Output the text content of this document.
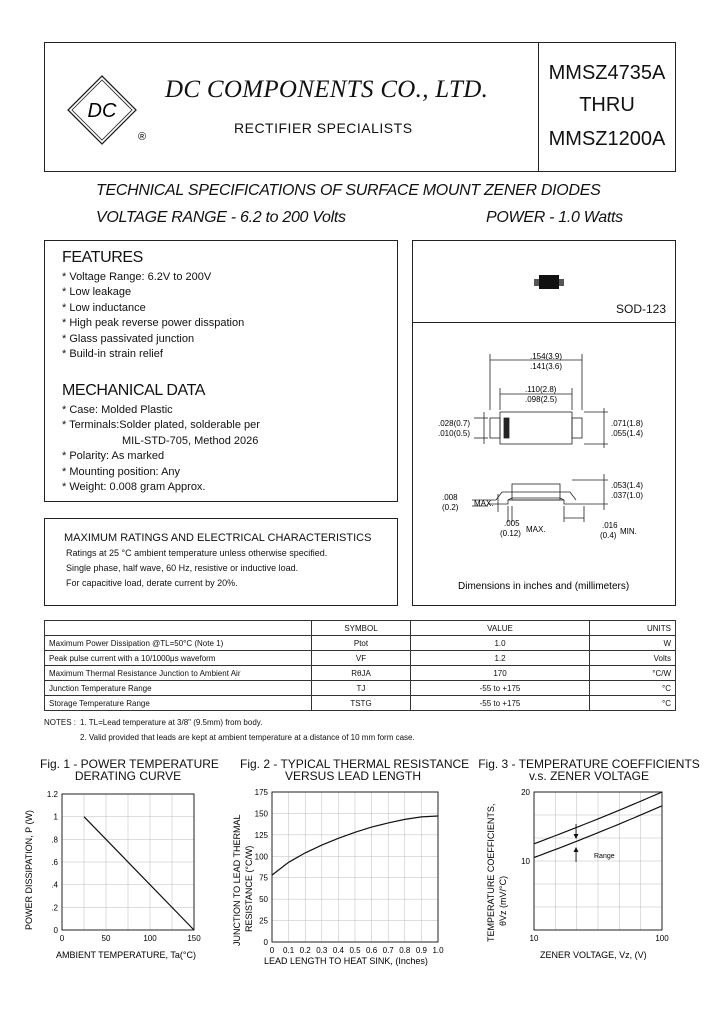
DC
®
DC COMPONENTS CO., LTD.
RECTIFIER SPECIALISTS
MMSZ4735A
THRU
MMSZ1200A
TECHNICAL SPECIFICATIONS OF SURFACE MOUNT ZENER DIODES
VOLTAGE RANGE - 6.2 to 200 Volts	POWER - 1.0 Watts
FEATURES
* Voltage Range: 6.2V to 200V
* Low leakage
* Low inductance
* High peak reverse power disspation
* Glass passivated junction
* Build-in strain relief
MECHANICAL DATA
* Case: Molded Plastic
* Terminals:Solder plated, solderable per
MIL-STD-705, Method 2026
* Polarity: As marked
* Mounting position: Any
* Weight: 0.008 gram Approx.
MAXIMUM RATINGS AND ELECTRICAL CHARACTERISTICS
Ratings at 25 °C ambient temperature unless otherwise specified.
Single phase, half wave, 60 Hz, resistive or inductive load.
For capacitive load, derate current by 20%.
SOD-123
.154(3.9)
.141(3.6)
.110(2.8)
.098(2.5)
.028(0.7)
.010(0.5)
.071(1.8)
.055(1.4)
.053(1.4)
.037(1.0)
.008
(0.2) MAX.
.005
(0.12) MAX.	.016
(0.4) MIN.
Dimensions in inches and (millimeters)
	SYMBOL	VALUE	UNITS
Maximum Power Dissipation @TL=50°C (Note 1)	Ptot	1.0	W
Peak pulse current with a 10/1000μs waveform	VF	1.2	Volts
Maximum Thermal Resistance Junction to Ambient Air	RθJA	170	°C/W
Junction Temperature Range	TJ	-55 to +175	°C
Storage Temperature Range	TSTG	-55 to +175	°C
NOTES : 1. TL=Lead temperature at 3/8" (9.5mm) from body.
2. Valid provided that leads are kept at ambient temperature at a distance of 10 mm form case.
Fig. 1 - POWER TEMPERATURE
DERATING CURVE
Fig. 2 - TYPICAL THERMAL RESISTANCE
VERSUS LEAD LENGTH
Fig. 3 - TEMPERATURE COEFFICIENTS
v.s. ZENER VOLTAGE
0
.2
.4
.6
.8
1
1.2
0	50	100	150
POWER DISSIPATION, P (W)
AMBIENT TEMPERATURE, Ta(°C)
0
25
50
75
100
125
150
175
0 0.1 0.2 0.3 0.4 0.5 0.6 0.7 0.8 0.9 1.0
JUNCTION TO LEAD THERMAL RESISTANCE (°C/W)
LEAD LENGTH TO HEAT SINK, (Inches)
10
20
10	100
TEMPERATURE COEFFICIENTS, θVz (mV/°C)
ZENER VOLTAGE, Vz, (V)
Range
